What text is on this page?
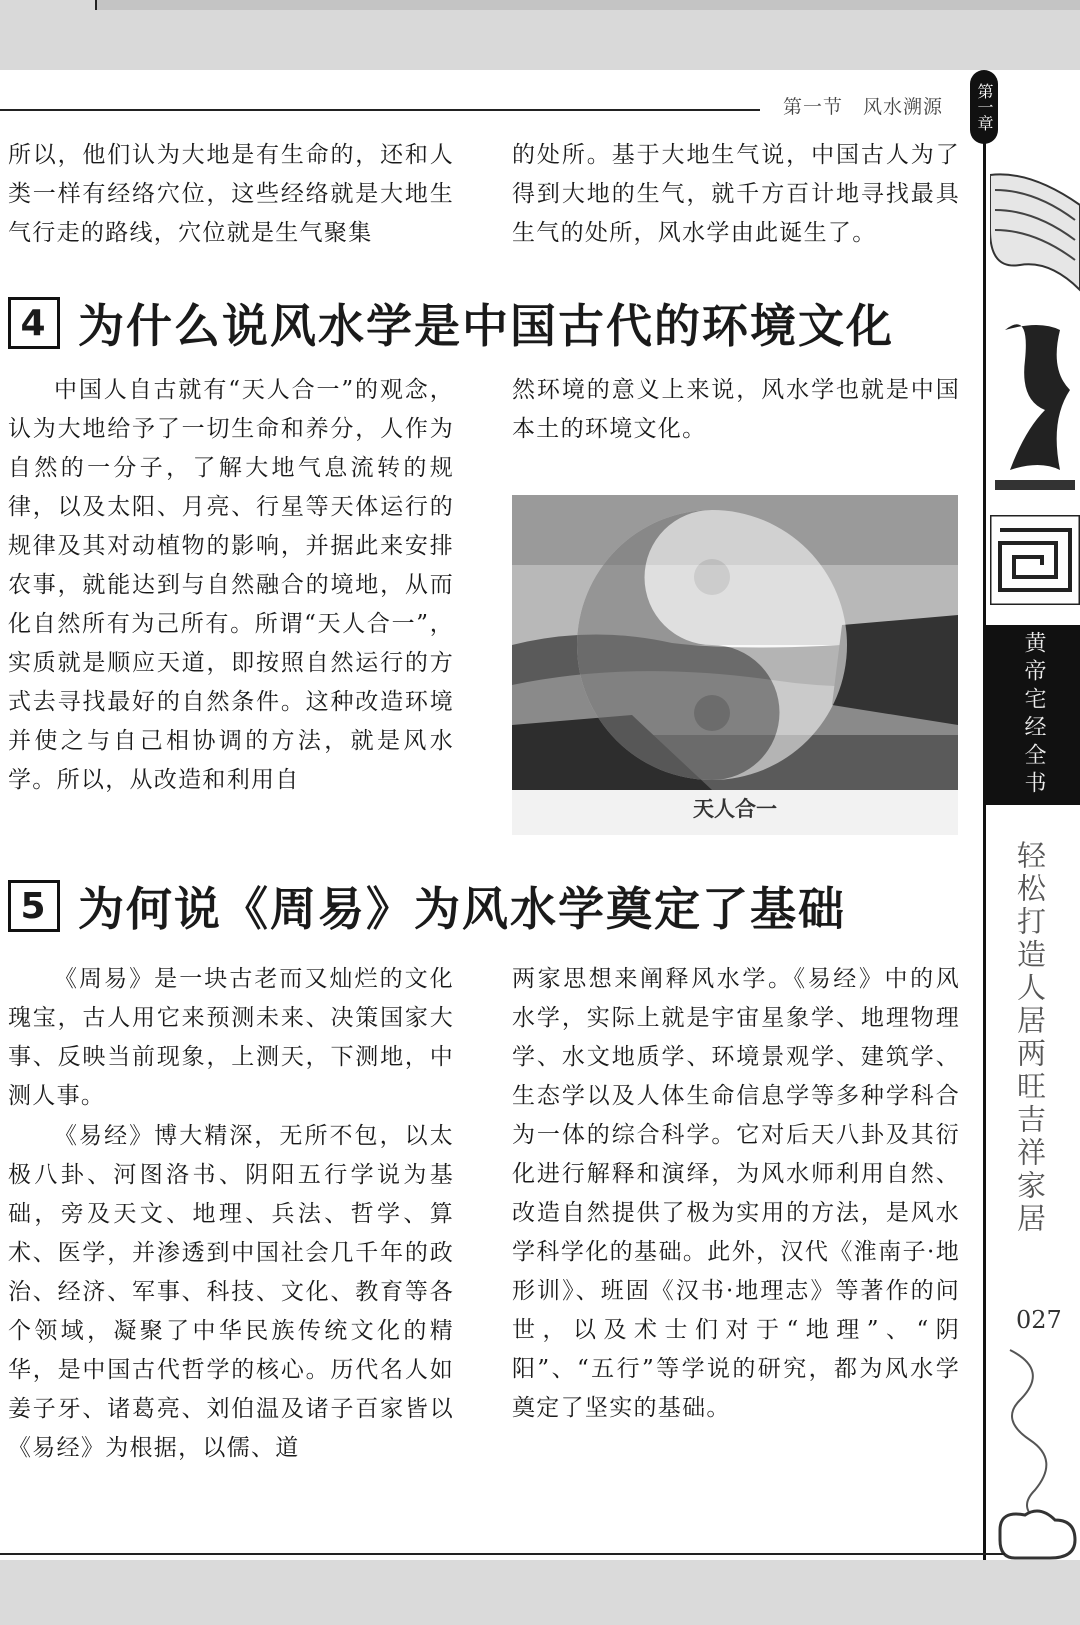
第一节　风水溯源	第一章
黄帝宅经全书
轻松打造人居两旺吉祥家居
027

所以，他们认为大地是有生命的，还和人类一样有经络穴位，这些经络就是大地生气行走的路线，穴位就是生气聚集

的处所。基于大地生气说，中国古人为了得到大地的生气，就千方百计地寻找最具生气的处所，风水学由此诞生了。

4 为什么说风水学是中国古代的环境文化

中国人自古就有“天人合一”的观念，认为大地给予了一切生命和养分，人作为自然的一分子，了解大地气息流转的规律，以及太阳、月亮、行星等天体运行的规律及其对动植物的影响，并据此来安排农事，就能达到与自然融合的境地，从而化自然所有为己所有。所谓“天人合一”，实质就是顺应天道，即按照自然运行的方式去寻找最好的自然条件。这种改造环境并使之与自己相协调的方法，就是风水学。所以，从改造和利用自

然环境的意义上来说，风水学也就是中国本土的环境文化。

天人合一
5 为何说《周易》为风水学奠定了基础

《周易》是一块古老而又灿烂的文化瑰宝，古人用它来预测未来、决策国家大事、反映当前现象，上测天，下测地，中测人事。

《易经》博大精深，无所不包，以太极八卦、河图洛书、阴阳五行学说为基础，旁及天文、地理、兵法、哲学、算术、医学，并渗透到中国社会几千年的政治、经济、军事、科技、文化、教育等各个领域，凝聚了中华民族传统文化的精华，是中国古代哲学的核心。历代名人如姜子牙、诸葛亮、刘伯温及诸子百家皆以《易经》为根据，以儒、道

两家思想来阐释风水学。《易经》中的风水学，实际上就是宇宙星象学、地理物理学、水文地质学、环境景观学、建筑学、生态学以及人体生命信息学等多种学科合为一体的综合科学。它对后天八卦及其衍化进行解释和演绎，为风水师利用自然、改造自然提供了极为实用的方法，是风水学科学化的基础。此外，汉代《淮南子·地形训》、班固《汉书·地理志》等著作的问世，以及术士们对于“地理”、“阴阳”、“五行”等学说的研究，都为风水学奠定了坚实的基础。
